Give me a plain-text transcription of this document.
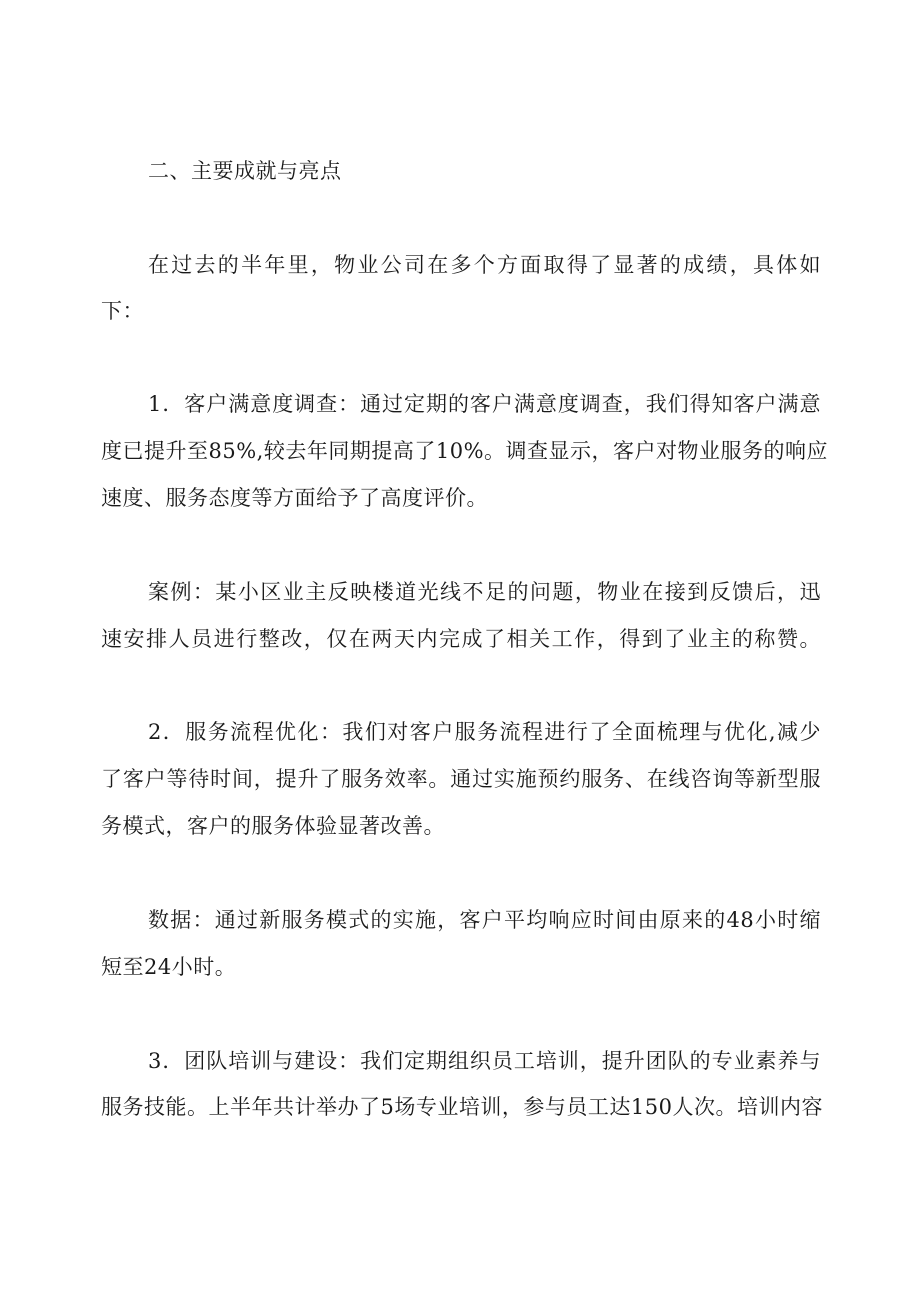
二、主要成就与亮点
在过去的半年里，物业公司在多个方面取得了显著的成绩，具体如
下：
1．客户满意度调查：通过定期的客户满意度调查，我们得知客户满意
度已提升至85%,较去年同期提高了10%。调查显示，客户对物业服务的响应
速度、服务态度等方面给予了高度评价。
案例：某小区业主反映楼道光线不足的问题，物业在接到反馈后，迅
速安排人员进行整改，仅在两天内完成了相关工作，得到了业主的称赞。
2．服务流程优化：我们对客户服务流程进行了全面梳理与优化,减少
了客户等待时间，提升了服务效率。通过实施预约服务、在线咨询等新型服
务模式，客户的服务体验显著改善。
数据：通过新服务模式的实施，客户平均响应时间由原来的48小时缩
短至24小时。
3．团队培训与建设：我们定期组织员工培训，提升团队的专业素养与
服务技能。上半年共计举办了5场专业培训，参与员工达150人次。培训内容
